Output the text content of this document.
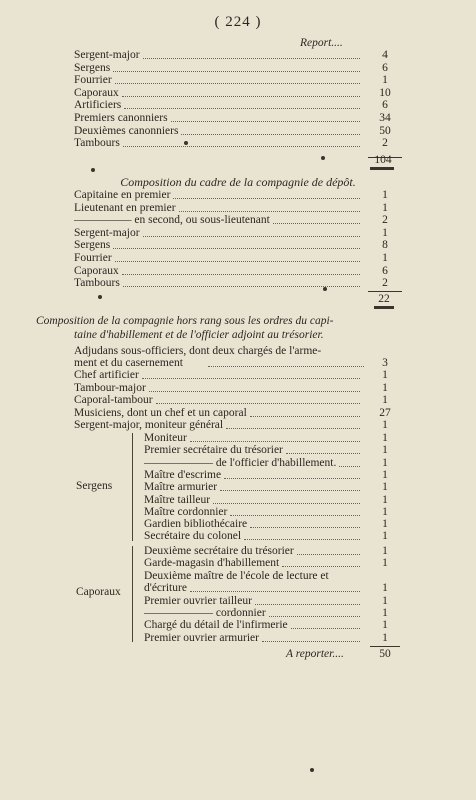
( 224 )
Report....
Sergent-major	4
Sergens	6
Fourrier	1
Caporaux	10
Artificiers	6
Premiers canonniers	34
Deuxièmes canonniers	50
Tambours	2
104
Composition du cadre de la compagnie de dépôt.
Capitaine en premier	1
Lieutenant en premier	1
————— en second, ou sous-lieutenant	2
Sergent-major	1
Sergens	8
Fourrier	1
Caporaux	6
Tambours	2
22
Composition de la compagnie hors rang sous les ordres du capi-
taine d'habillement et de l'officier adjoint au trésorier.
Adjudans sous-officiers, dont deux chargés de l'arme-
ment et du casernement	3
Chef artificier	1
Tambour-major	1
Caporal-tambour	1
Musiciens, dont un chef et un caporal	27
Sergent-major, moniteur général	1
Sergens
Moniteur	1
Premier secrétaire du trésorier	1
—————— de l'officier d'habillement.	1
Maître d'escrime	1
Maître armurier	1
Maître tailleur	1
Maître cordonnier	1
Gardien bibliothécaire	1
Secrétaire du colonel	1
Caporaux
Deuxième secrétaire du trésorier	1
Garde-magasin d'habillement	1
Deuxième maître de l'école de lecture et
d'écriture	1
Premier ouvrier tailleur	1
—————— cordonnier	1
Chargé du détail de l'infirmerie	1
Premier ouvrier armurier	1
A reporter....	50
